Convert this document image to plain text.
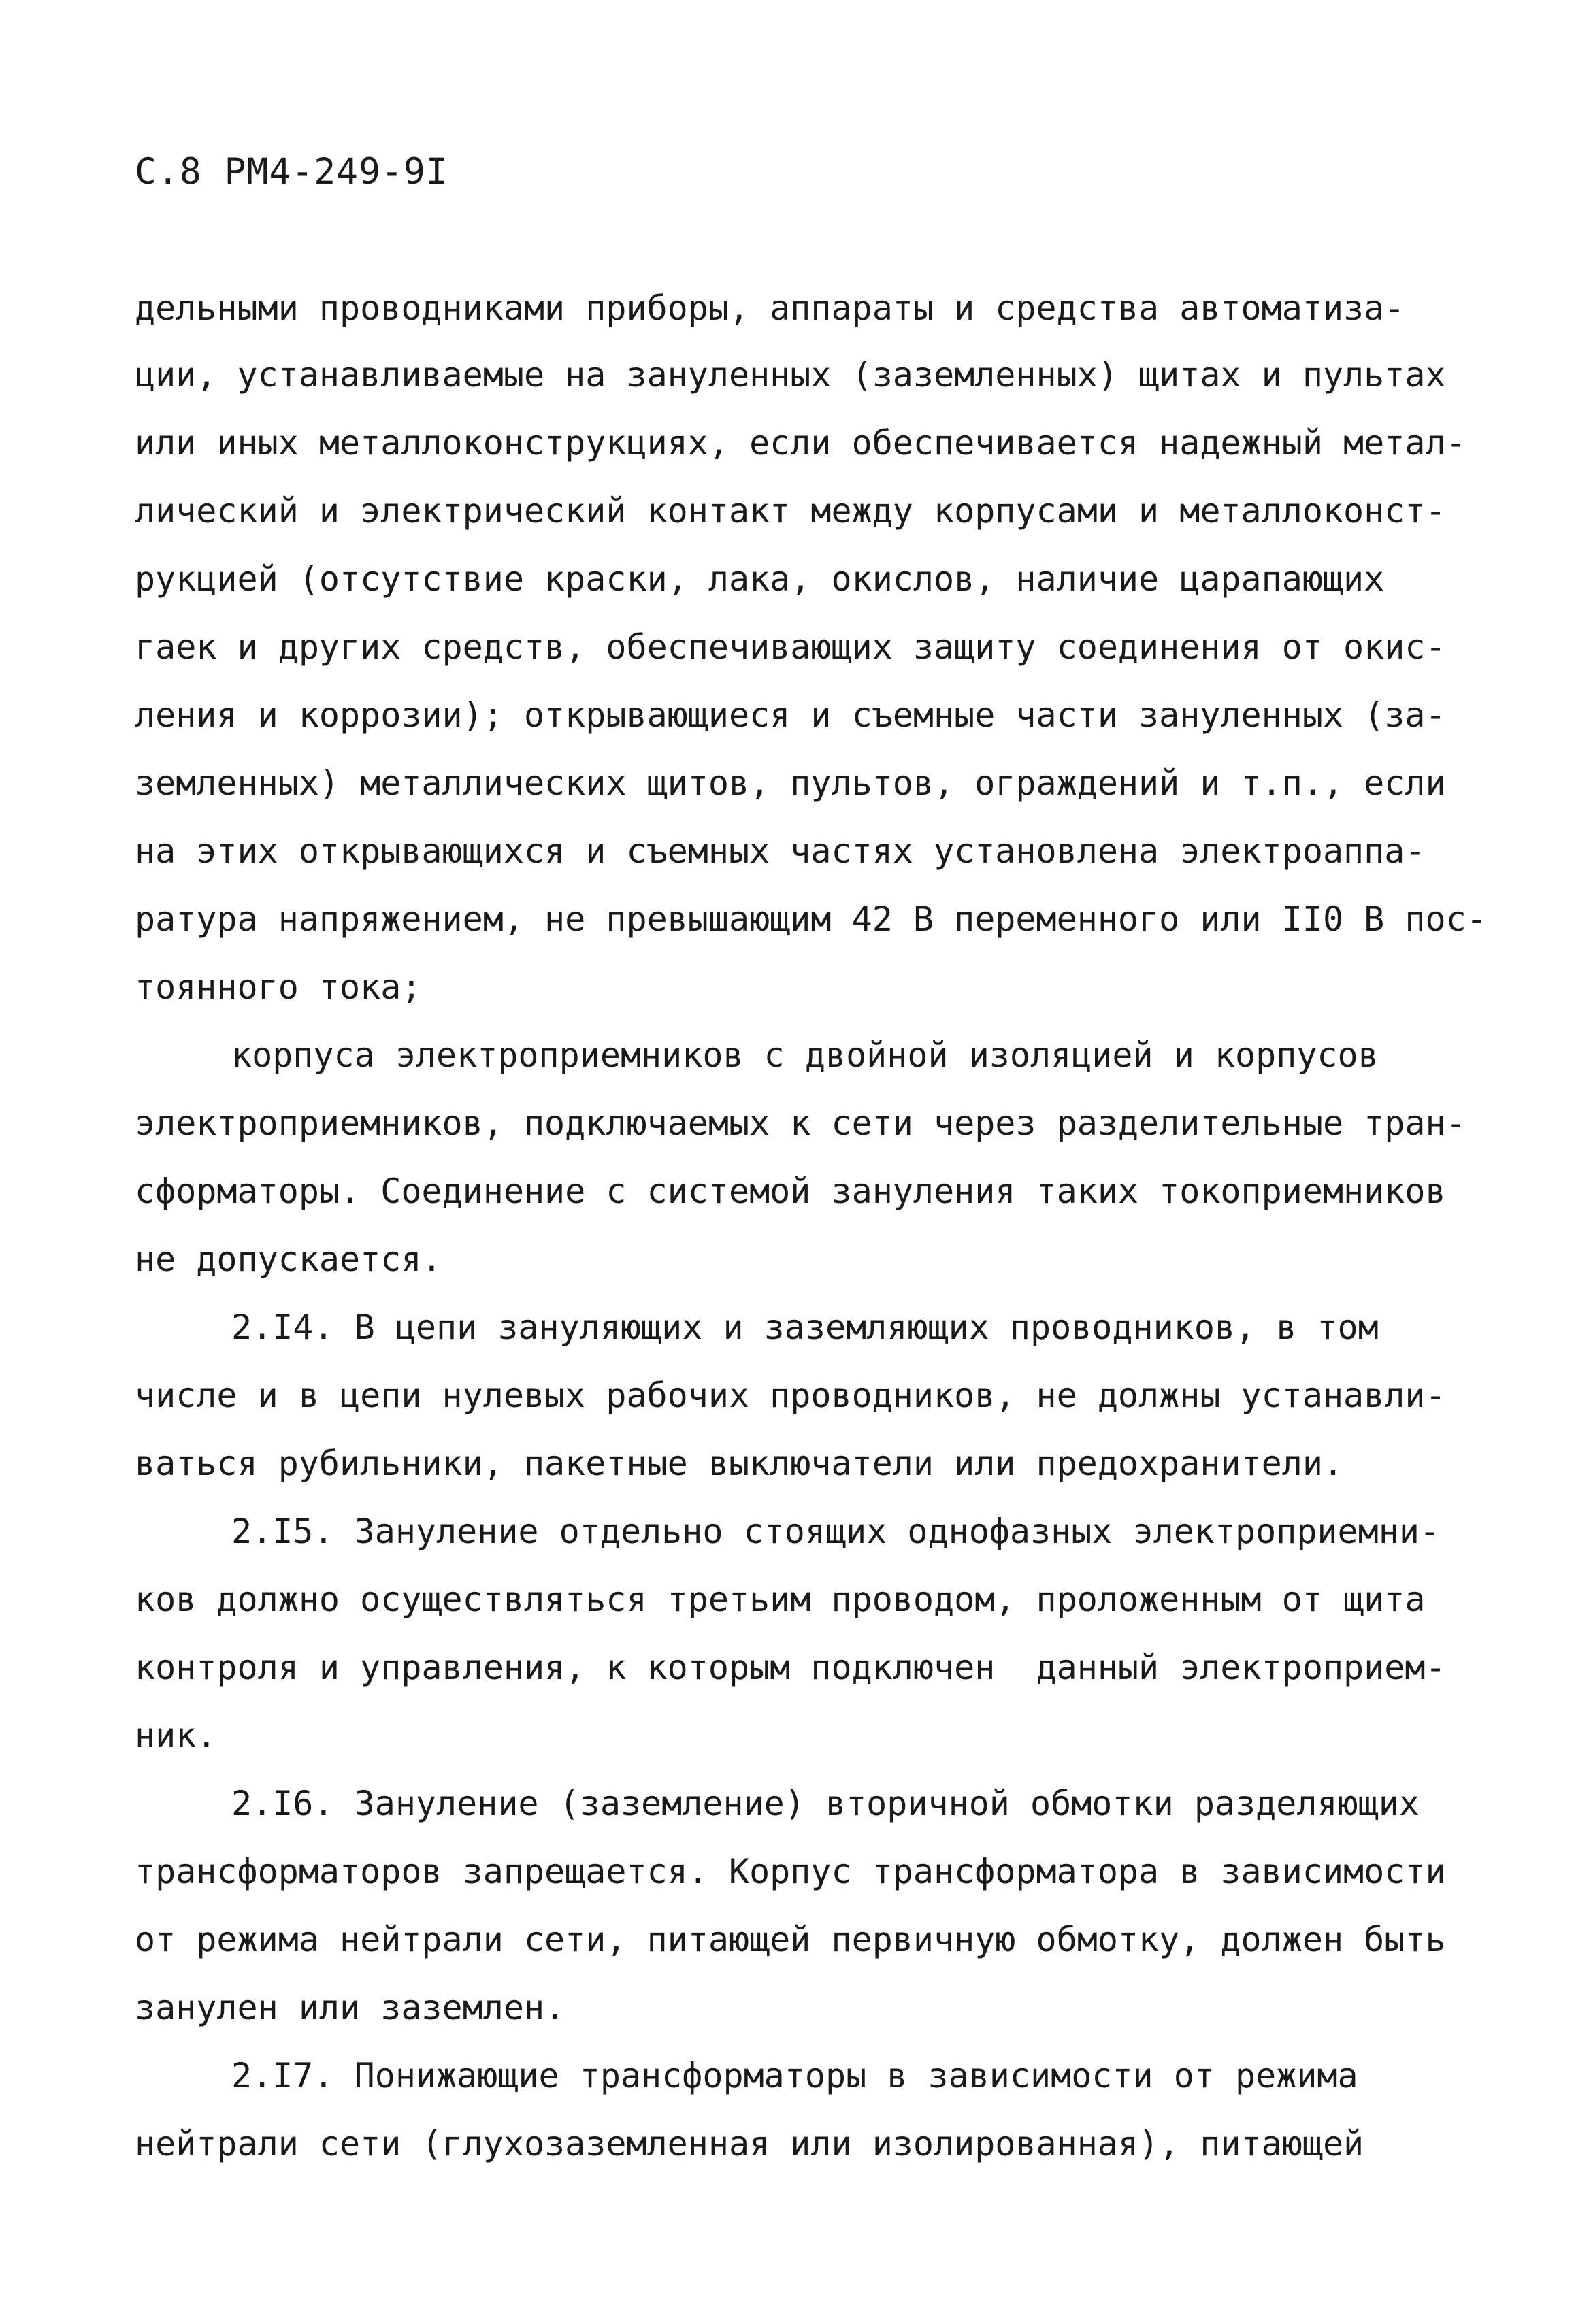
С.8 РМ4-249-9I
дельными проводниками приборы, аппараты и средства автоматиза-
ции, устанавливаемые на зануленных (заземленных) щитах и пультах
или иных металлоконструкциях, если обеспечивается надежный метал-
лический и электрический контакт между корпусами и металлоконст-
рукцией (отсутствие краски, лака, окислов, наличие царапающих
гаек и других средств, обеспечивающих защиту соединения от окис-
ления и коррозии); открывающиеся и съемные части зануленных (за-
земленных) металлических щитов, пультов, ограждений и т.п., если
на этих открывающихся и съемных частях установлена электроаппа-
ратура напряжением, не превышающим 42 В переменного или II0 В пос-
тоянного тока;
корпуса электроприемников с двойной изоляцией и корпусов
электроприемников, подключаемых к сети через разделительные тран-
сформаторы. Соединение с системой зануления таких токоприемников
не допускается.
2.I4. В цепи зануляющих и заземляющих проводников, в том
числе и в цепи нулевых рабочих проводников, не должны устанавли-
ваться рубильники, пакетные выключатели или предохранители.
2.I5. Зануление отдельно стоящих однофазных электроприемни-
ков должно осуществляться третьим проводом, проложенным от щита
контроля и управления, к которым подключен  данный электроприем-
ник.
2.I6. Зануление (заземление) вторичной обмотки разделяющих
трансформаторов запрещается. Корпус трансформатора в зависимости
от режима нейтрали сети, питающей первичную обмотку, должен быть
занулен или заземлен.
2.I7. Понижающие трансформаторы в зависимости от режима
нейтрали сети (глухозаземленная или изолированная), питающей
